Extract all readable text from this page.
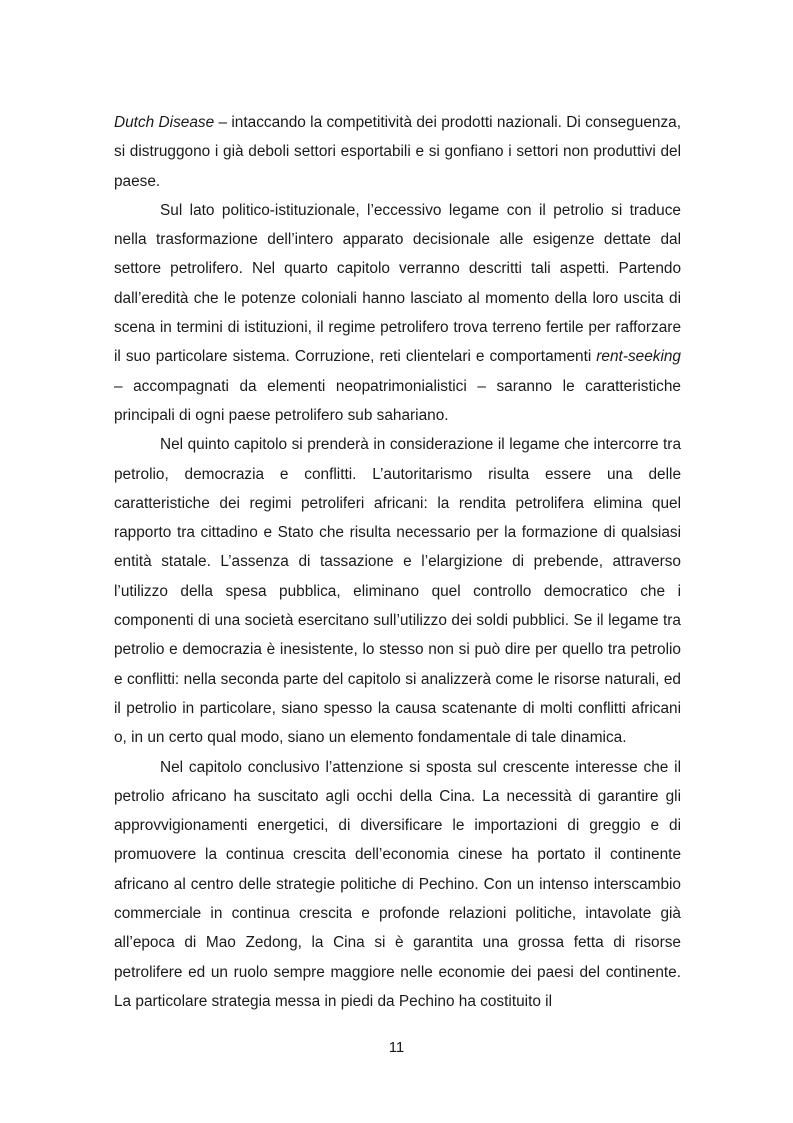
Dutch Disease – intaccando la competitività dei prodotti nazionali. Di conseguenza, si distruggono i già deboli settori esportabili e si gonfiano i settori non produttivi del paese.

Sul lato politico-istituzionale, l’eccessivo legame con il petrolio si traduce nella trasformazione dell’intero apparato decisionale alle esigenze dettate dal settore petrolifero. Nel quarto capitolo verranno descritti tali aspetti. Partendo dall’eredità che le potenze coloniali hanno lasciato al momento della loro uscita di scena in termini di istituzioni, il regime petrolifero trova terreno fertile per rafforzare il suo particolare sistema. Corruzione, reti clientelari e comportamenti rent-seeking – accompagnati da elementi neopatrimonialistici – saranno le caratteristiche principali di ogni paese petrolifero sub sahariano.

Nel quinto capitolo si prenderà in considerazione il legame che intercorre tra petrolio, democrazia e conflitti. L’autoritarismo risulta essere una delle caratteristiche dei regimi petroliferi africani: la rendita petrolifera elimina quel rapporto tra cittadino e Stato che risulta necessario per la formazione di qualsiasi entità statale. L’assenza di tassazione e l’elargizione di prebende, attraverso l’utilizzo della spesa pubblica, eliminano quel controllo democratico che i componenti di una società esercitano sull’utilizzo dei soldi pubblici. Se il legame tra petrolio e democrazia è inesistente, lo stesso non si può dire per quello tra petrolio e conflitti: nella seconda parte del capitolo si analizzerà come le risorse naturali, ed il petrolio in particolare, siano spesso la causa scatenante di molti conflitti africani o, in un certo qual modo, siano un elemento fondamentale di tale dinamica.

Nel capitolo conclusivo l’attenzione si sposta sul crescente interesse che il petrolio africano ha suscitato agli occhi della Cina. La necessità di garantire gli approvvigionamenti energetici, di diversificare le importazioni di greggio e di promuovere la continua crescita dell’economia cinese ha portato il continente africano al centro delle strategie politiche di Pechino. Con un intenso interscambio commerciale in continua crescita e profonde relazioni politiche, intavolate già all’epoca di Mao Zedong, la Cina si è garantita una grossa fetta di risorse petrolifere ed un ruolo sempre maggiore nelle economie dei paesi del continente. La particolare strategia messa in piedi da Pechino ha costituito il

11
